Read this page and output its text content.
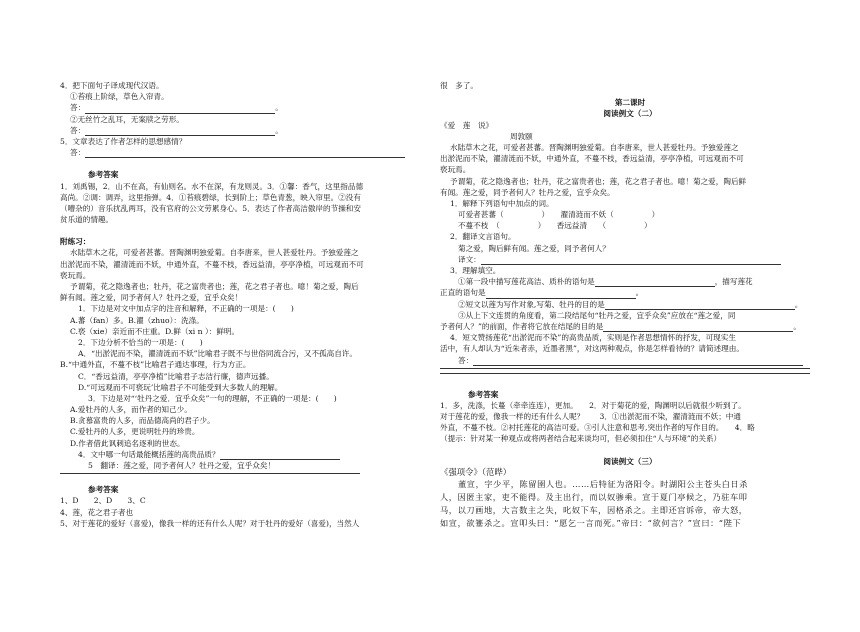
4．把下面句子译成现代汉语。
①苔痕上阶绿，草色入帘青。
答：	。
②无丝竹之乱耳，无案牍之劳形。
答：	。
5．文章表达了作者怎样的思想感情？
答：
参考答案
1．刘禹锡，2．山不在高，有仙则名。水不在深，有龙则灵。3．①馨：香气，这里指品德
高尚。②调：调弄，这里指弹。4．①苔痕碧绿，长到阶上；草色青葱，映入帘里。②没有
（嘈杂的）音乐扰乱两耳，没有官府的公文劳累身心。5．表达了作者高洁傲岸的节操和安
贫乐道的情趣。
附练习：
水陆草木之花，可爱者甚蕃。晋陶渊明独爱菊。自李唐来，世人甚爱牡丹。予独爱莲之
出淤泥而不染，濯清涟而不妖，中通外直，不蔓不枝，香远益清，亭亭净植，可远观而不可
亵玩焉。
予谓菊，花之隐逸者也；牡丹，花之富贵者也；莲，花之君子者也。噫！菊之爱，陶后
鲜有闻。莲之爱，同予者何人？牡丹之爱，宜乎众矣！
1．下边是对文中加点字的注音和解释，不正确的一项是：(　　)
A.蕃（fan）多。B.濯（zhuo）：洗涤。
C.亵（xie）亲近而不庄重。D.鲜（xi n ）：鲜明。
2．下边分析不恰当的一项是：(　　)
A．“出淤泥而不染，濯清涟而不妖”比喻君子既不与世俗同流合污，又不孤高自许。
B.“中通外直，不蔓不枝”比喻君子通达事理，行为方正。
C．“香远益清，亭亭净植”比喻君子志洁行廉，德声远播。
D.“可远观而不可亵玩’比喻君子不可能受到大多数人的理解。
3．下边是对“‘牡丹之爱．宜乎众矣”一句的理解，不正确的一项是：(　　)
A.爱牡丹的人多，而作者的知己少。
B.贪慕富贵的人多，而品德高尚的君子少。
C.爱牡丹的人多，更说明牡丹的珍贵。
D.作者借此讽刺追名逐利的世态。
4．文中哪一句话最能概括莲的高贵品质？
5　翻译：莲之爱，同予者何人？牡丹之爱，宜乎众矣！
参考答案
1、D　　2、D　　3、C
4、莲，花之君子者也
5、对于莲花的爱好（喜爱)，像我一样的还有什么人呢？对于牡丹的爱好（喜爱)，当然人
很　多了。
第二课时
阅读例文（二）
《爱　莲　说》
周敦颐
水陆草木之花，可爱者甚蕃。晋陶渊明独爱菊。自李唐来，世人甚爱牡丹。予独爱莲之
出淤泥而不染，濯清涟而不妖，中通外直，不蔓不枝，香远益清，亭亭净植，可远观而不可
亵玩焉。
予谓菊，花之隐逸者也；牡丹，花之富贵者也；莲，花之君子者也。噫！菊之爱，陶后鲜
有闻。莲之爱，同予者何人？牡丹之爱，宜乎众矣。
1．解释下列语句中加点的词。
可爱者甚蕃（　　　　　）　　濯清涟而不妖（　　　　　）
不蔓不枝　（　　　　　）　　香远益清　　（　　　　　）
2．翻译文言语句。
菊之爱，陶后鲜有闻。莲之爱，同予者何人？
译文：
3．理解填空。
①第一段中描写莲花高洁、质朴的语句是	，描写莲花
正直的语句是	。
②短文以莲为写作对象,写菊、牡丹的目的是	。
③从上下文连贯的角度看，第二段结尾句“牡丹之爱，宜乎众矣”应放在“莲之爱，同
予者何人？”的前面，作者将它放在结尾的目的是	。
4．短文赞扬莲花“出淤泥而不染”的高贵品质，实则是作者思想情怀的抒发，可现实生
活中，有人却认为“近朱者赤，近墨者黑”，对这两种观点，你是怎样看待的？请简述理由。
答：
参考答案
1．多，洗涤，长蔓（牵牵连连），更加。　　2．对于菊花的爱，陶渊明以后就很少听到了。
对于莲花的爱，像我一样的还有什么人呢？　　3．①出淤泥而不染，濯清涟而不妖；中通
外直，不蔓不枝。②衬托莲花的高洁可爱。③引人注意和思考,突出作者的写作目的。　　4．略
（提示：针对某一种观点或将两者结合起来谈均可，但必须扣住“人与环境”的关系）
阅读例文（三）
《强项令》（范晔）
董宣，字少平，陈留圉人也。……后特征为洛阳令。时湖阳公主苍头白日杀
人，因匿主家，吏不能得。及主出行，而以奴骖乘。宣于夏门亭候之，乃驻车叩
马，以刀画地，大言数主之失，叱奴下车，因格杀之。主即还宫诉帝，帝大怒，
如宣，欲箠杀之。宣叩头曰：“愿乞一言而死。”帝曰：“欲何言？”宣曰：“陛下
